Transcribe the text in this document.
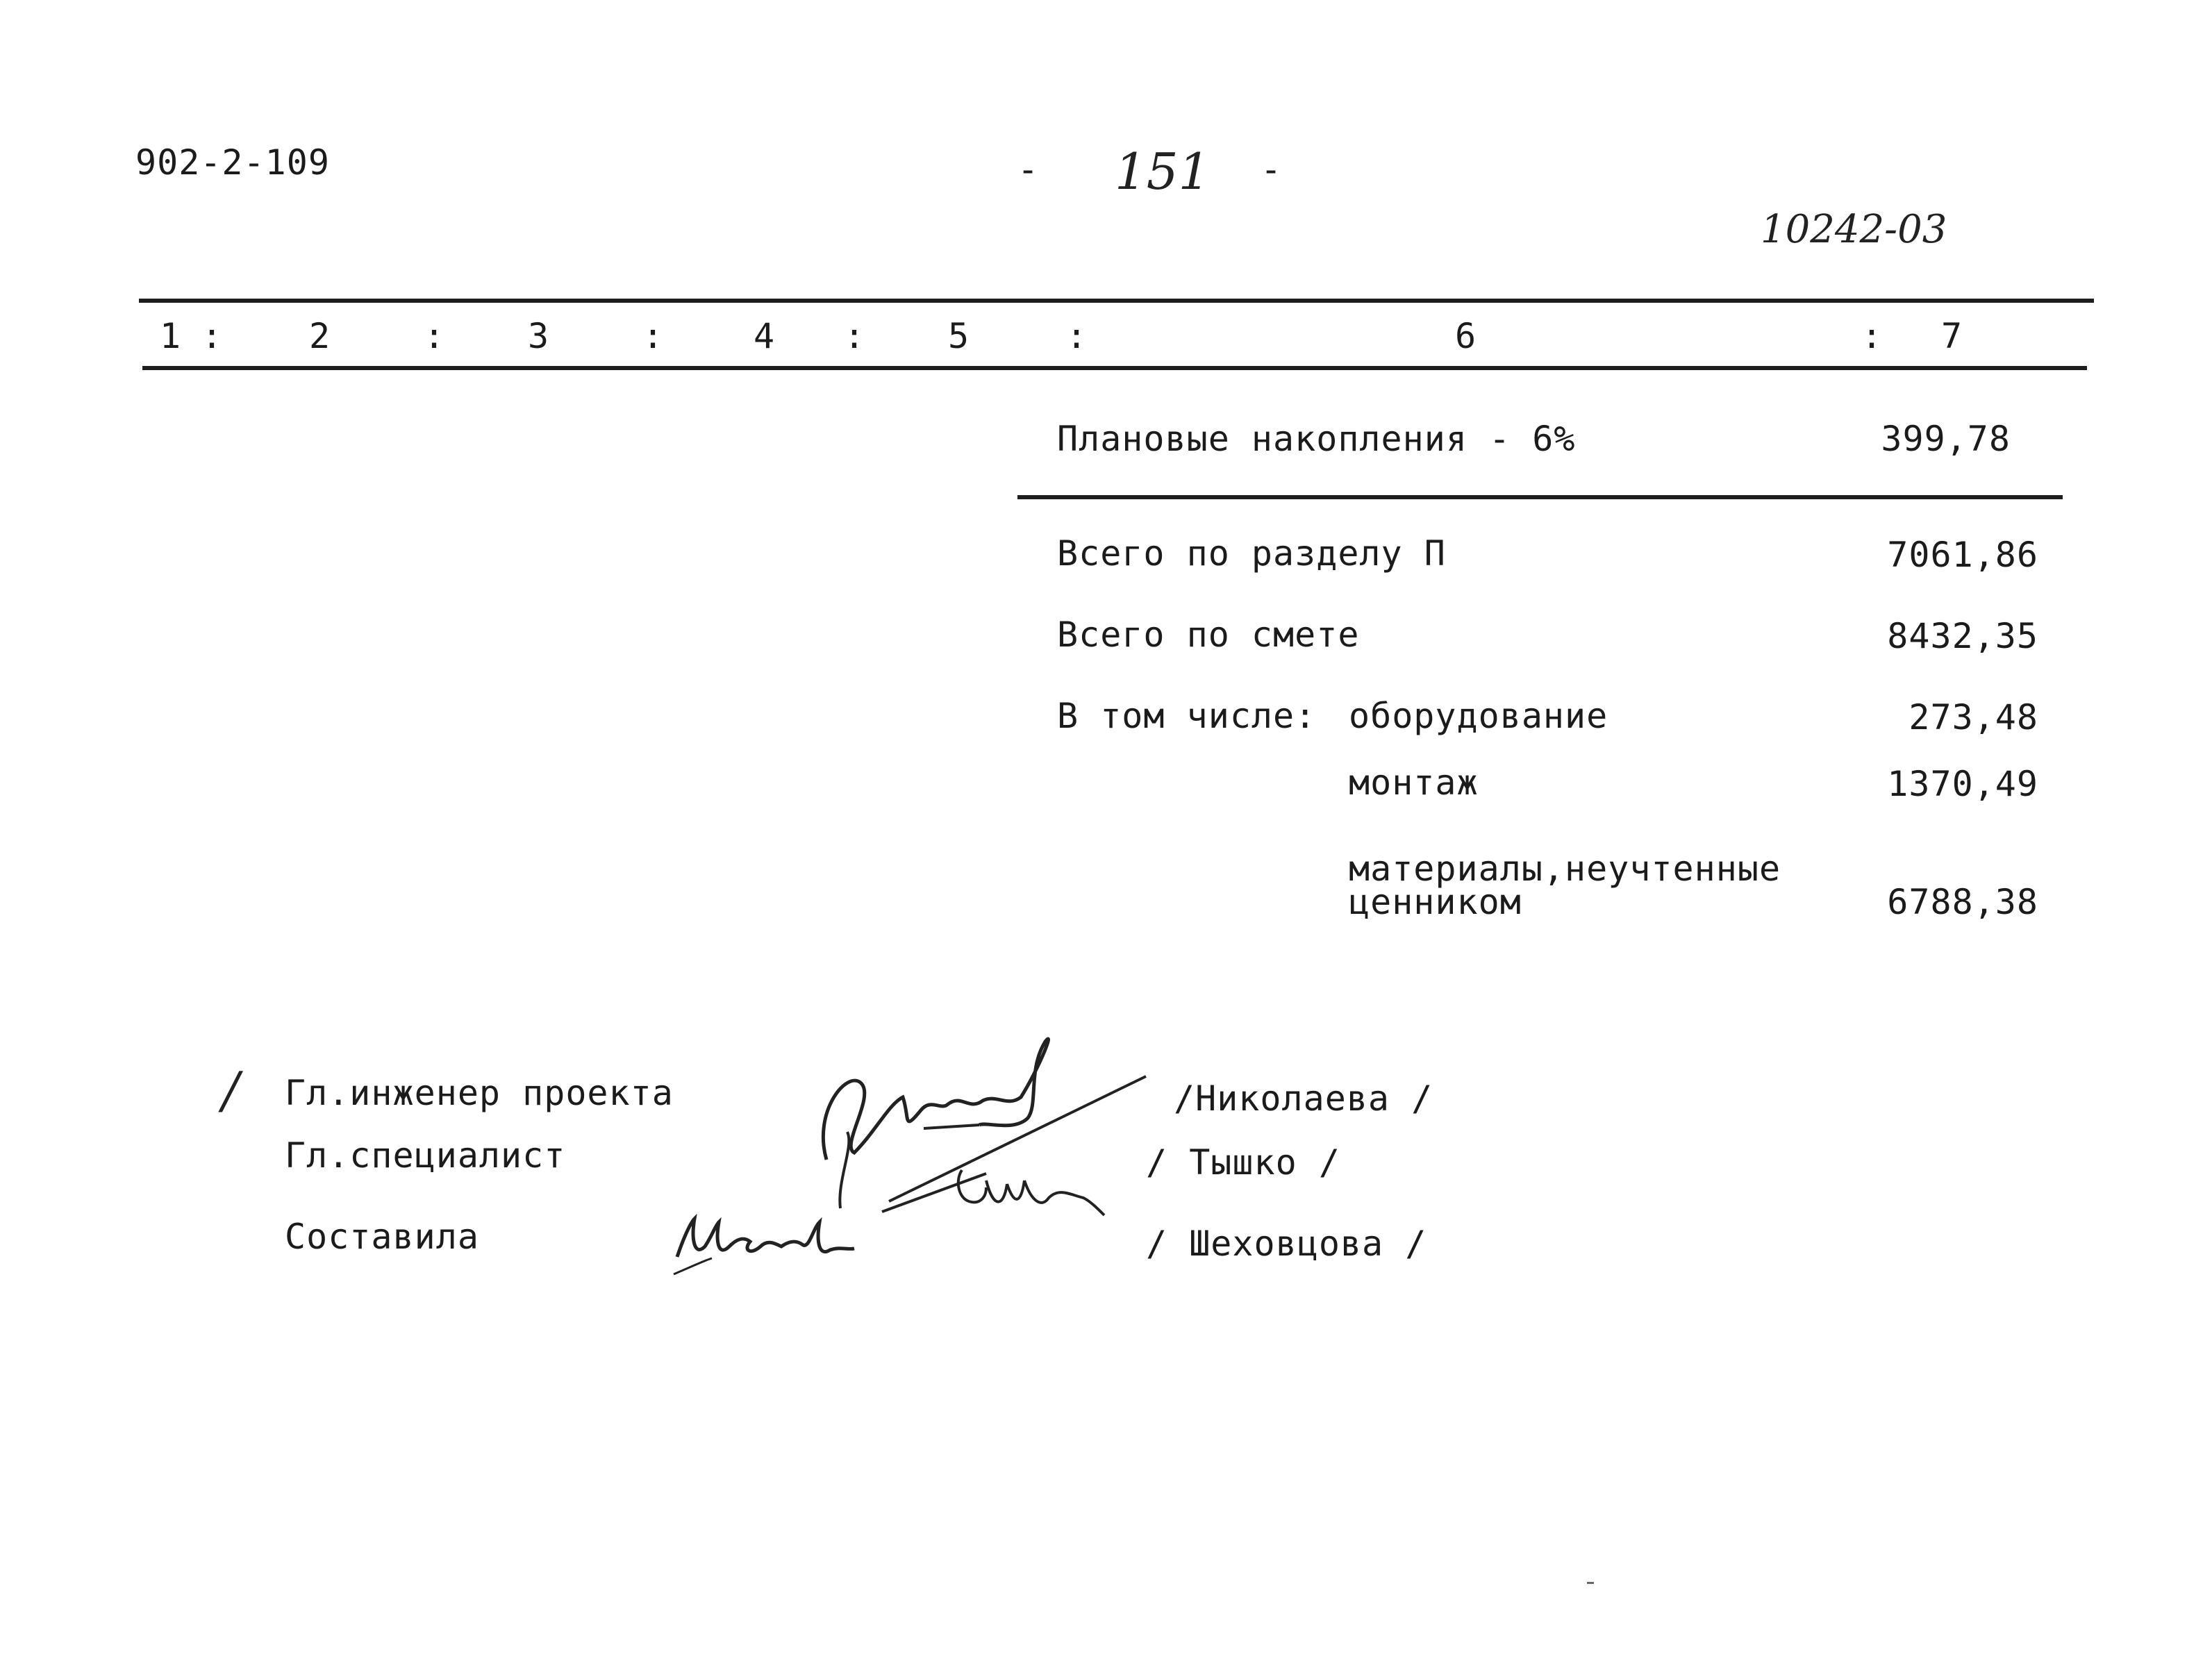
902-2-109	- 151 -
10242-03
1 : 2	: 3	:	4 : 5	:	6	: 7
Плановые накопления - 6%	399,78
Всего по разделу П	7061,86
Всего по смете	8432,35
В том числе: оборудование	273,48
монтаж	1370,49
материалы,неучтенные
ценником	6788,38
/ Гл.инженер проекта
Гл.специалист
Составила
/Николаева /
/ Тышко /
/ Шеховцова /
